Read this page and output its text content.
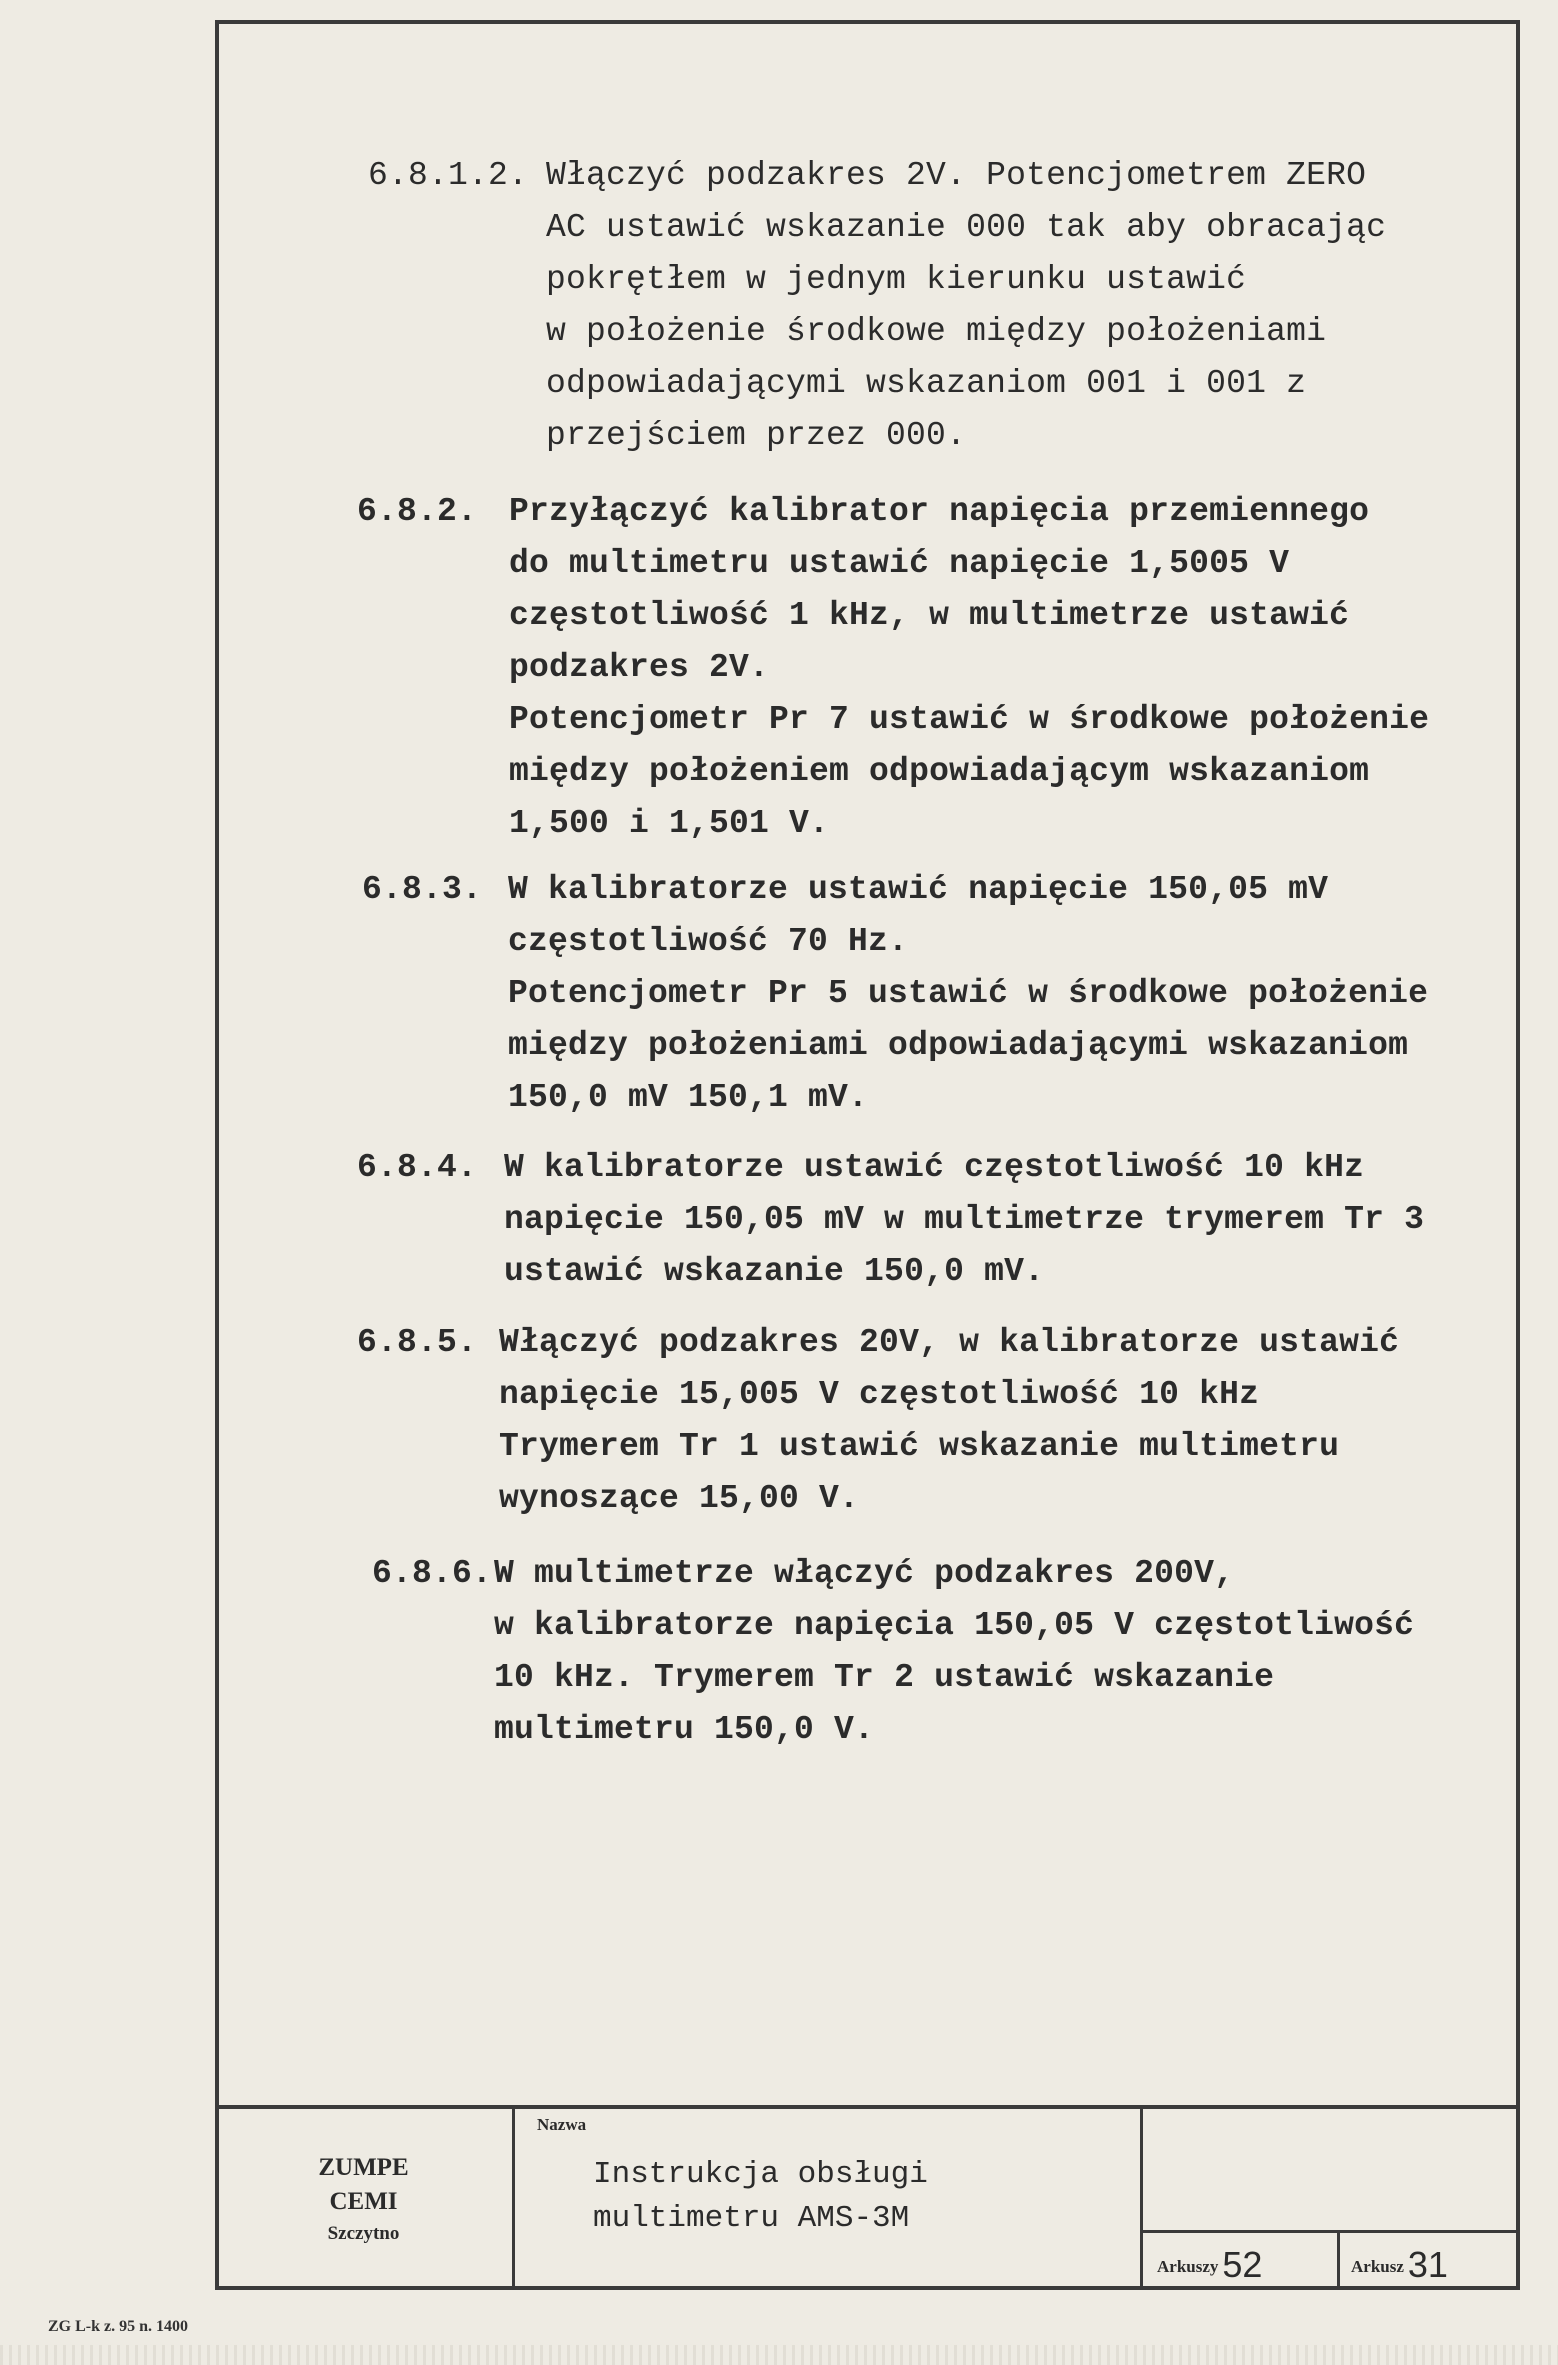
6.8.1.2. Włączyć podzakres 2V. Potencjometrem ZERO
AC ustawić wskazanie 000 tak aby obracając
pokrętłem w jednym kierunku ustawić
w położenie środkowe między położeniami
odpowiadającymi wskazaniom 001 i 001 z
przejściem przez 000.
6.8.2. Przyłączyć kalibrator napięcia przemiennego
do multimetru ustawić napięcie 1,5005 V
częstotliwość 1 kHz, w multimetrze ustawić
podzakres 2V.
Potencjometr Pr 7 ustawić w środkowe położenie
między położeniem odpowiadającym wskazaniom
1,500 i 1,501 V.
6.8.3. W kalibratorze ustawić napięcie 150,05 mV
częstotliwość 70 Hz.
Potencjometr Pr 5 ustawić w środkowe położenie
między położeniami odpowiadającymi wskazaniom
150,0 mV 150,1 mV.
6.8.4. W kalibratorze ustawić częstotliwość 10 kHz
napięcie 150,05 mV w multimetrze trymerem Tr 3
ustawić wskazanie 150,0 mV.
6.8.5. Włączyć podzakres 20V, w kalibratorze ustawić
napięcie 15,005 V częstotliwość 10 kHz
Trymerem Tr 1 ustawić wskazanie multimetru
wynoszące 15,00 V.
6.8.6. W multimetrze włączyć podzakres 200V,
w kalibratorze napięcia 150,05 V częstotliwość
10 kHz. Trymerem Tr 2 ustawić wskazanie
multimetru 150,0 V.
ZUMPE
CEMI
Szczytno
Nazwa
Instrukcja obsługi
multimetru AMS-3M
Arkuszy 52	Arkusz 31
ZG L-k z. 95 n. 1400
